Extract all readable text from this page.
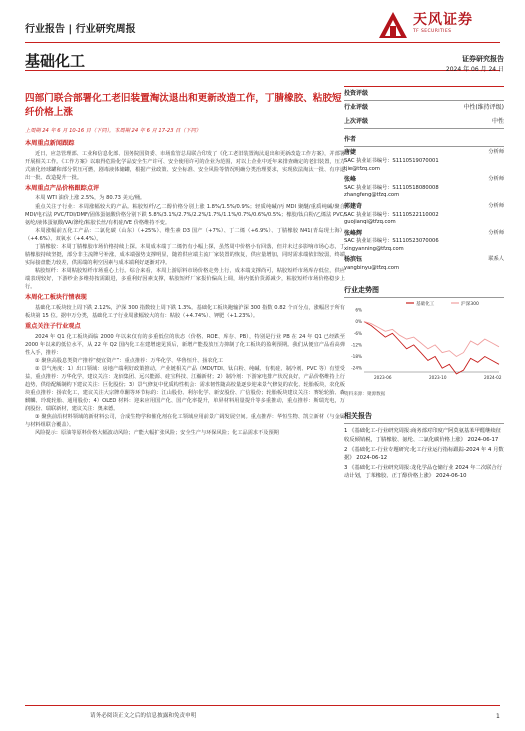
行业报告 | 行业研究周报
基础化工
天风证券
TF SECURITIES
四部门联合部署化工老旧装置淘汰退出和更新改造工作，丁腈橡胶、粘胶短纤价格上涨
上周期 24 年 6 月 10-16 日（下同），本周期 24 年 6 月 17-23 日（下同）
本周重点新闻跟踪
近日，应急管理部、工业和信息化部、国务院国资委、市场监管总局联合印发了《化工老旧装置淘汰退出和更新改造工作方案》，并部署开展相关工作。《工作方案》以取得危险化学品安全生产许可、安全使用许可的企业为范围，对以上企业中近年来排查确定的老旧装置，压力式液化烃球罐和部分常压可燃，剧毒液体储罐，根据产业政策、安全标准、安全风险等情况明确分类治理要求，实现依法淘汰一批、有序退出一批、改造提升一批。
本周重点产品价格跟踪点评
本周 WTI 油价上涨 2.5%，为 80.73 美元/桶。
重点关注子行业：本周涨幅较大的产品。粘胶短纤/乙二醇价格分别上涨 1.8%/1.5%/0.9%；轻质纯碱/丙 MDI 聚醚/重质纯碱/聚合 MDI/电石法 PVC/TDI/DMF/固体蛋氨酸价格分别下跌 5.8%/3.1%/2.7%/2.2%/1.7%/1.1%/0.7%/0.6%/0.5%；橡胶/钛白粉/乙烯法 PVC/氨纶/液体蛋氨酸/VA/涤纶/粘胶长丝/有机硅/VE 价格维持不变。
本周涨幅前五化工产品：二氯化碳（山东）（+25%）、维生素 D3 国产（+7%）、丁二烯（+6.9%）、丁腈橡胶 N41(青岛现土海）（+4.6%）、双氧水（+4.4%）。
丁腈橡胶：本周丁腈橡胶市场价格持续上探。本周成本端丁二烯仍有小幅上探，虽然周中价格小有回落，但并未过多影响市场心态，丁腈橡胶持续坚挺，部分非主流牌号补涨，成本端强势支撑明显，随着供应端主流厂家装置的恢复，供应量增加，同时需求端依旧较弱，终端实际接盘能力较差，供需端的利空因素与成本端利好逐渐对冲。
粘胶短纤：本周粘胶短纤市场重心上行。综合来看，本周上游原料市场价格走势上行，成本端支撑尚可，粘胶短纤市场库存低位，供应端表现较好，下游纱企多维持按需跟进，多重利好因素支撑，粘胶短纤厂家报价偏高上调，场内低价货源减少，粘胶短纤市场价格稳步上行。
本周化工板块行情表现
基础化工板块较上周下跌 2.12%，沪深 300 指数较上周下跌 1.3%。基础化工板块跑输沪深 300 指数 0.82 个百分点，涨幅居于所有板块第 15 位。据申万分类，基础化工子行业周涨幅较大的有：粘胶（+4.74%）、钾肥（+1.23%）。
重点关注子行业观点
2024 年 Q1 化工板块面临 2000 年以来仅有的多重低位的状态（价格、ROE、库存、PB），特别是行业 PB 在 24 年 Q1 已经跌至 2000 年以来的低位水平，从 22 年 Q2 国内化工在建增速见顶后，新增产能投放压力抑制了化工板块的盈利预期。我们从便宜产品看高弹性入手，推荐：
① 聚焦高股息类资产推荐“便宜资产”：重点推荐：万华化学、华鲁恒升、扬农化工
② 景气角度：1）出口领域：房地产端利好政策推动，产业链相关产品（MDI/TDI、钛白粉、纯碱、有机硅、制冷剂、PVC 等）有望受益，重点推荐：万华化学，建议关注：龙佰集团、远兴能源、硅宝科技、江瀚新材；2）制冷剂：下游家电排产状况良好，产品价格维持上行趋势，供给配额制约下建议关注：巨化股份；3）景气修复中优质构性机会：需求韧性随高校量逐步迎来景气修复的农化、轮胎板块，农化板块重点推荐：扬农化工，建议关注大宗牌草酮等环节标的：江山股份、利尔化学、新安股份、广信股份；轮胎板块建议关注：赛轮轮胎、森麒麟、玲珑轮胎、通用股份；4）OLED 材料：迎来应用国产化、国产化率提升，单屏材料用量提升等多重推动，重点推荐：斯瑞光电，万润股份、瑞联新材，建议关注：奥来德。
③ 聚焦前沿材料领域的新材料公司，合成生物学和催化剂在化工领域应用前景广阔发展空间。重点推荐：华恒生物、凯立新材（与金属与材料组联合覆盖）。
风险提示：原油等原料价格大幅波动风险；产能大幅扩张风险；安全生产与环保风险；化工品需求不及预期
证券研究报告
2024 年 06 月 24 日
投资评级
行业评级	中性(维持评级)
上次评级	中性
作者
唐婕	分析师
SAC 执业证书编号：S1110519070001
tjie@tfzq.com
张峰	分析师
SAC 执业证书编号：S1110518080008
zhangfeng@tfzq.com
郭建奇	分析师
SAC 执业证书编号：S1110522110002
guojianqi@tfzq.com
张峰辉	分析师
SAC 执业证书编号：S1110523070006
xingyanning@tfzq.com
杨滨钰	联系人
yangbinyu@tfzq.com
行业走势图
基础化工	沪深300
6%
0%
-6%
-12%
-18%
-24%
2023-06	2023-10	2024-02
资料来源：聚源数据
相关报告
1 《基础化工-行业研究周报:商务部对印度产阿莫氨基苯甲醛继续征收反倾销税，丁腈橡胶、氨纶、二氯化碳价格上涨》 2024-06-17
2 《基础化工-行业专题研究:化工行业运行指标跟踪-2024 年 4 月数据》 2024-06-12
3 《基础化工-行业研究周报:龙化学品仓储行业 2024 年二次联合行动计划，丁苯橡胶、正丁醇价格上涨》 2024-06-10
请务必阅读正文之后的信息披露和免责申明	1
